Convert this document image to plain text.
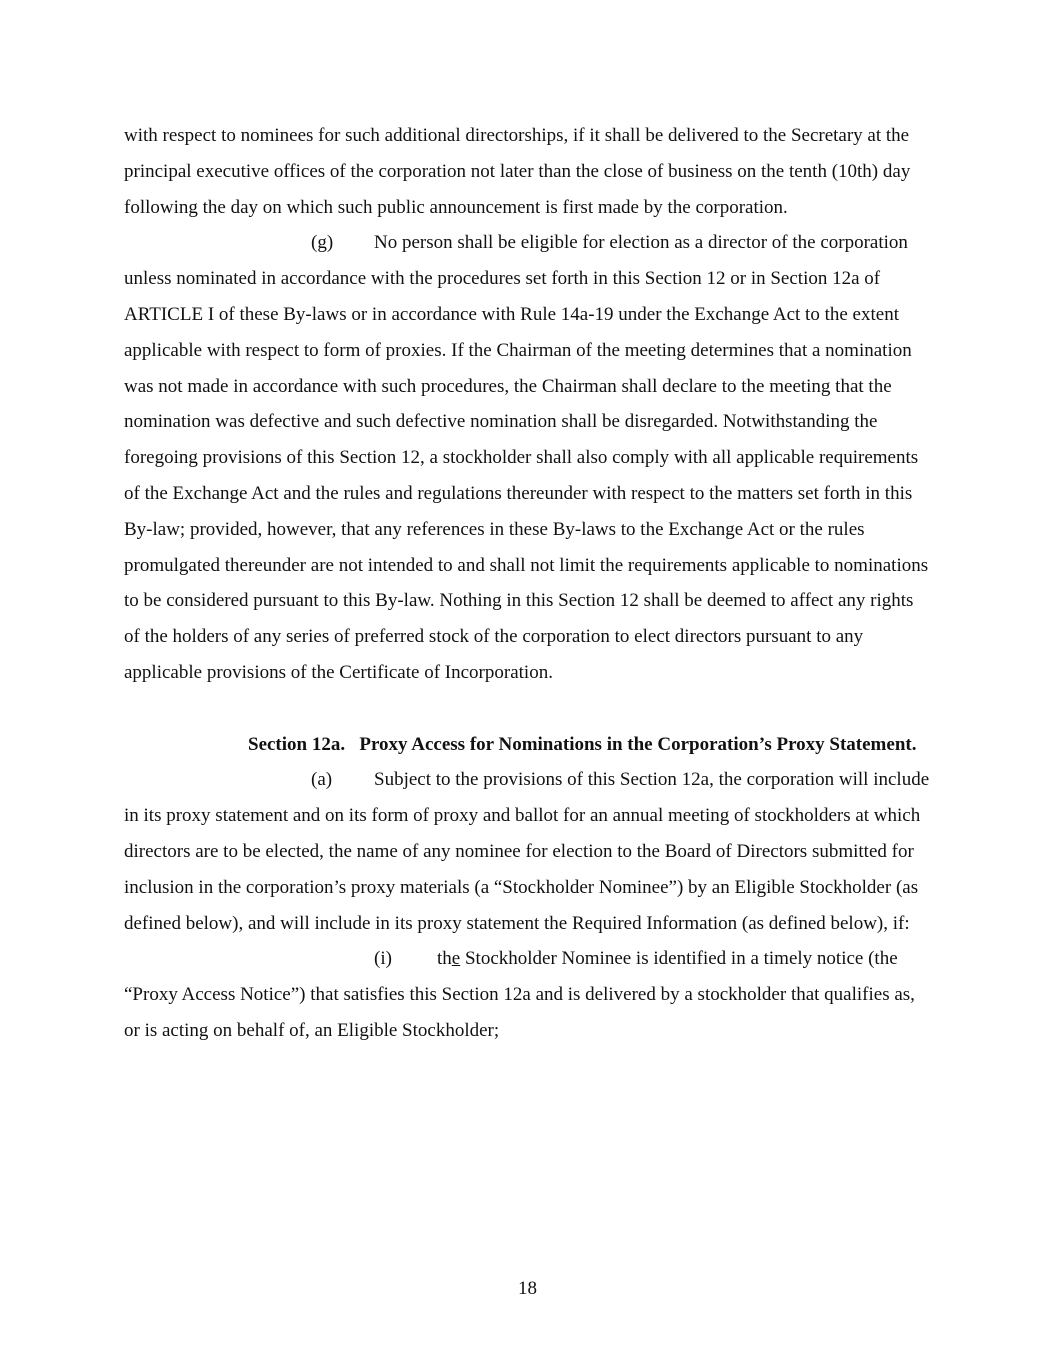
with respect to nominees for such additional directorships, if it shall be delivered to the Secretary at the principal executive offices of the corporation not later than the close of business on the tenth (10th) day following the day on which such public announcement is first made by the corporation.

(g) No person shall be eligible for election as a director of the corporation unless nominated in accordance with the procedures set forth in this Section 12 or in Section 12a of ARTICLE I of these By-laws or in accordance with Rule 14a-19 under the Exchange Act to the extent applicable with respect to form of proxies. If the Chairman of the meeting determines that a nomination was not made in accordance with such procedures, the Chairman shall declare to the meeting that the nomination was defective and such defective nomination shall be disregarded. Notwithstanding the foregoing provisions of this Section 12, a stockholder shall also comply with all applicable requirements of the Exchange Act and the rules and regulations thereunder with respect to the matters set forth in this By-law; provided, however, that any references in these By-laws to the Exchange Act or the rules promulgated thereunder are not intended to and shall not limit the requirements applicable to nominations to be considered pursuant to this By-law. Nothing in this Section 12 shall be deemed to affect any rights of the holders of any series of preferred stock of the corporation to elect directors pursuant to any applicable provisions of the Certificate of Incorporation.

Section 12a. Proxy Access for Nominations in the Corporation’s Proxy Statement.

(a) Subject to the provisions of this Section 12a, the corporation will include in its proxy statement and on its form of proxy and ballot for an annual meeting of stockholders at which directors are to be elected, the name of any nominee for election to the Board of Directors submitted for inclusion in the corporation’s proxy materials (a “Stockholder Nominee”) by an Eligible Stockholder (as defined below), and will include in its proxy statement the Required Information (as defined below), if:

(i) the Stockholder Nominee is identified in a timely notice (the “Proxy Access Notice”) that satisfies this Section 12a and is delivered by a stockholder that qualifies as, or is acting on behalf of, an Eligible Stockholder;

18
